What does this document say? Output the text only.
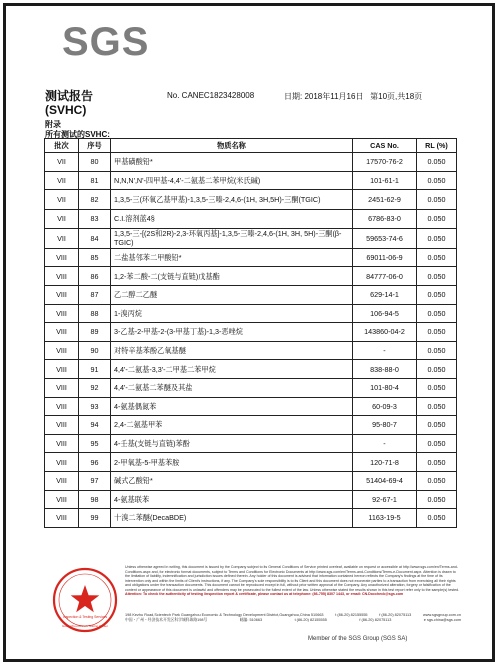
SGS
测试报告
(SVHC)
No. CANEC1823428008	日期: 2018年11月16日 第10页,共18页
附录
所有测试的SVHC:
批次	序号	物质名称	CAS No.	RL (%)
VII	80	甲基磺酸铅*	17570-76-2	0.050
VII	81	N,N,N',N'-四甲基-4,4'-二氨基二苯甲烷(米氏碱)	101-61-1	0.050
VII	82	1,3,5-三(环氧乙基甲基)-1,3,5-三嗪-2,4,6-(1H, 3H,5H)-三酮(TGIC)	2451-62-9	0.050
VII	83	C.I.溶剂蓝4§	6786-83-0	0.050
VII	84	1,3,5-三-[(2S和2R)-2,3-环氧丙基]-1,3,5-三嗪-2,4,6-(1H, 3H, 5H)-三酮(β-TGIC)	59653-74-6	0.050
VIII	85	二盐基邻苯二甲酸铅*	69011-06-9	0.050
VIII	86	1,2-苯二酸-二(支链与直链)戊基酯	84777-06-0	0.050
VIII	87	乙二醇二乙醚	629-14-1	0.050
VIII	88	1-溴丙烷	106-94-5	0.050
VIII	89	3-乙基-2-甲基-2-(3-甲基丁基)-1,3-恶唑烷	143860-04-2	0.050
VIII	90	对特辛基苯酚乙氧基醚	-	0.050
VIII	91	4,4'-二氨基-3,3'-二甲基二苯甲烷	838-88-0	0.050
VIII	92	4,4'-二氨基二苯醚及其盐	101-80-4	0.050
VIII	93	4-氨基偶氮苯	60-09-3	0.050
VIII	94	2,4-二氨基甲苯	95-80-7	0.050
VIII	95	4-壬基(支链与直链)苯酚	-	0.050
VIII	96	2-甲氧基-5-甲基苯胺	120-71-8	0.050
VIII	97	碱式乙酸铅*	51404-69-4	0.050
VIII	98	4-氨基联苯	92-67-1	0.050
VIII	99	十溴二苯醚(DecaBDE)	1163-19-5	0.050
Inspection & Testing Services
Guangzhou Branch Testing Center
Unless otherwise agreed in writing, this document is issued by the Company subject to its General Conditions of Service printed overleaf, available on request or accessible at http://www.sgs.com/en/Terms-and-Conditions.aspx and, for electronic format documents, subject to Terms and Conditions for Electronic Documents at http://www.sgs.com/en/Terms-and-Conditions/Terms-e-Document.aspx. Attention is drawn to the limitation of liability, indemnification and jurisdiction issues defined therein. Any holder of this document is advised that information contained hereon reflects the Company's findings at the time of its intervention only and within the limits of Client's instructions, if any. The Company's sole responsibility is to its Client and this document does not exonerate parties to a transaction from exercising all their rights and obligations under the transaction documents. This document cannot be reproduced except in full, without prior written approval of the Company. Any unauthorized alteration, forgery or falsification of the content or appearance of this document is unlawful and offenders may be prosecuted to the fullest extent of the law. Unless otherwise stated the results shown in this test report refer only to the sample(s) tested. Attention: To check the authenticity of testing /inspection report & certificate, please contact us at telephone: (86-755) 8307 1443, or email: CN.Doccheck@sgs.com
198 Kezhu Road,Scientech Park Guangzhou Economic & Technology Development District,Guangzhou,China 510663	t (86-20) 82155555	f (86-20) 82075113	www.sgsgroup.com.cn
中国・广州・经济技术开发区科学城科珠路198号	邮编: 510663	t (86-20) 82155555	f (86-20) 82075113	e sgs.china@sgs.com
Member of the SGS Group (SGS SA)
